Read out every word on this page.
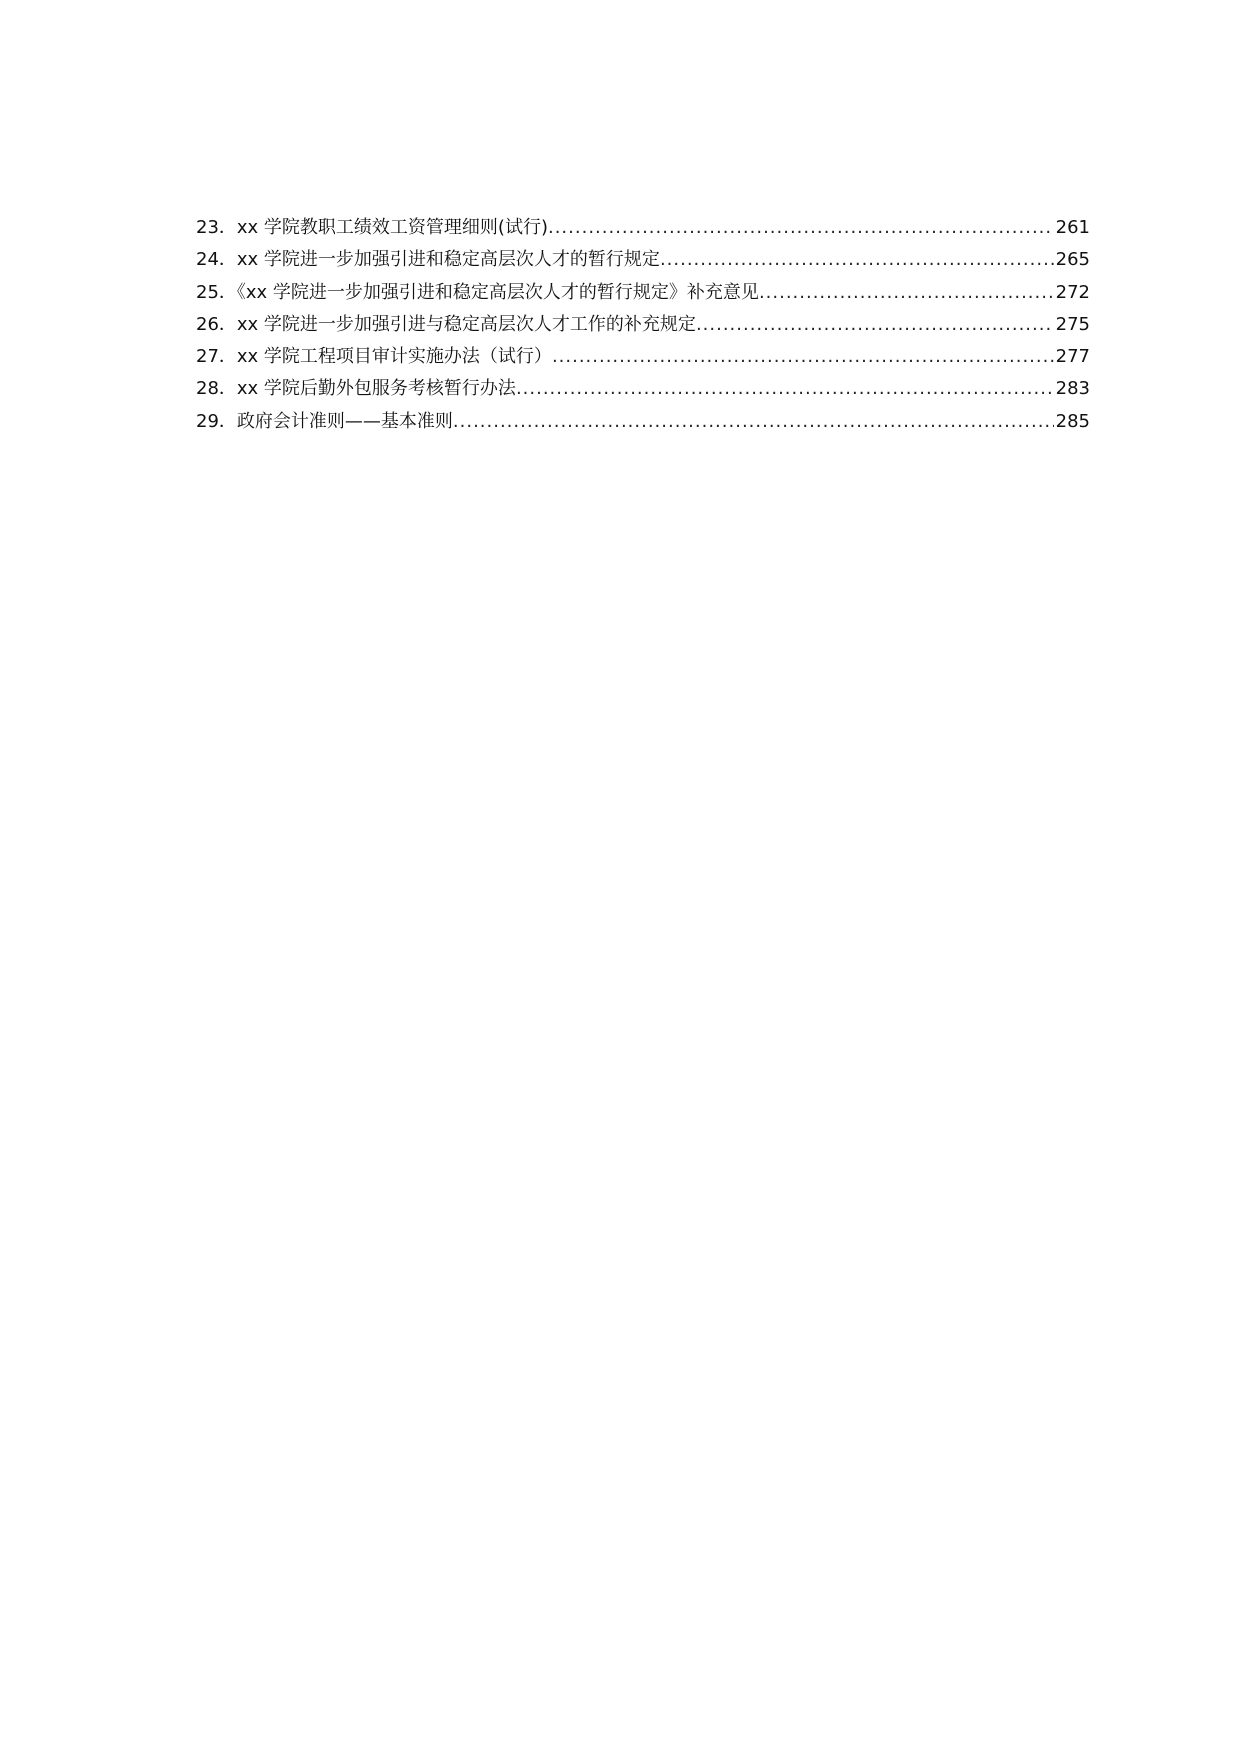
23．xx 学院教职工绩效工资管理细则(试行) .....	261
24．xx 学院进一步加强引进和稳定高层次人才的暂行规定 .....	265
25．《xx 学院进一步加强引进和稳定高层次人才的暂行规定》补充意见 .....	272
26．xx 学院进一步加强引进与稳定高层次人才工作的补充规定 .....	275
27．xx 学院工程项目审计实施办法（试行） .....	277
28．xx 学院后勤外包服务考核暂行办法 .....	283
29．政府会计准则——基本准则 .....	285
